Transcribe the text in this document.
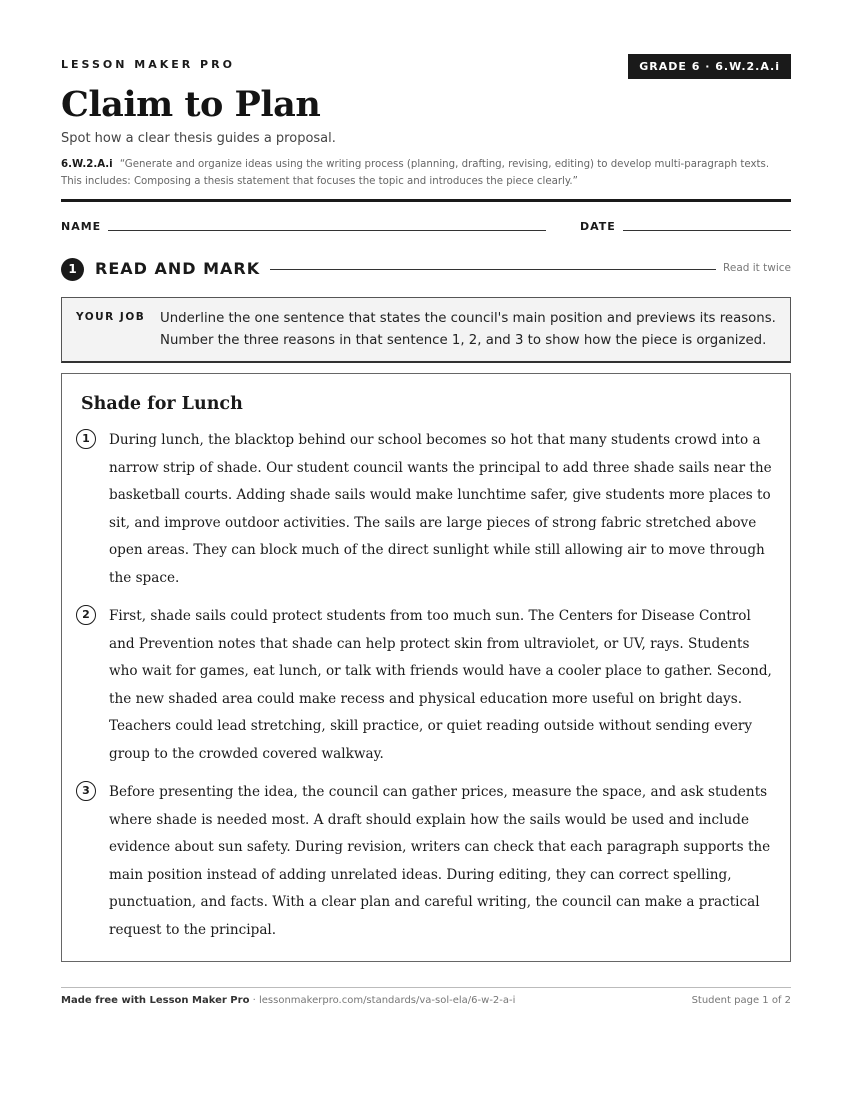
LESSON MAKER PRO	GRADE 6 · 6.W.2.A.i
Claim to Plan
Spot how a clear thesis guides a proposal.
6.W.2.A.i “Generate and organize ideas using the writing process (planning, drafting, revising, editing) to develop multi-paragraph texts. This includes: Composing a thesis statement that focuses the topic and introduces the piece clearly.”
NAME	DATE
1	READ AND MARK	Read it twice
YOUR JOB Underline the one sentence that states the council's main position and previews its reasons. Number the three reasons in that sentence 1, 2, and 3 to show how the piece is organized.
Shade for Lunch
1	During lunch, the blacktop behind our school becomes so hot that many students crowd into a narrow strip of shade. Our student council wants the principal to add three shade sails near the basketball courts. Adding shade sails would make lunchtime safer, give students more places to sit, and improve outdoor activities. The sails are large pieces of strong fabric stretched above open areas. They can block much of the direct sunlight while still allowing air to move through the space.
2	First, shade sails could protect students from too much sun. The Centers for Disease Control and Prevention notes that shade can help protect skin from ultraviolet, or UV, rays. Students who wait for games, eat lunch, or talk with friends would have a cooler place to gather. Second, the new shaded area could make recess and physical education more useful on bright days. Teachers could lead stretching, skill practice, or quiet reading outside without sending every group to the crowded covered walkway.
3	Before presenting the idea, the council can gather prices, measure the space, and ask students where shade is needed most. A draft should explain how the sails would be used and include evidence about sun safety. During revision, writers can check that each paragraph supports the main position instead of adding unrelated ideas. During editing, they can correct spelling, punctuation, and facts. With a clear plan and careful writing, the council can make a practical request to the principal.
Made free with Lesson Maker Pro · lessonmakerpro.com/standards/va-sol-ela/6-w-2-a-i	Student page 1 of 2
